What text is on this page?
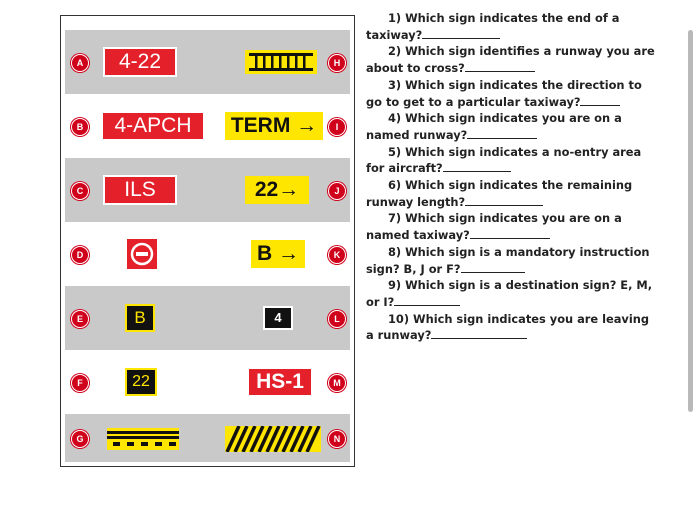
A	4-22	H
B	4-APCH	TERM →	I
C	ILS	22→	J
D	B →	K
E	B	4	L
F	22	HS-1	M
G	N
1) Which sign indicates the end of a taxiway?
2) Which sign identifies a runway you are about to cross?
3) Which sign indicates the direction to go to get to a particular taxiway?
4) Which sign indicates you are on a named runway?
5) Which sign indicates a no-entry area for aircraft?
6) Which sign indicates the remaining runway length?
7) Which sign indicates you are on a named taxiway?
8) Which sign is a mandatory instruction sign? B, J or F?
9) Which sign is a destination sign? E, M, or I?
10) Which sign indicates you are leaving a runway?
